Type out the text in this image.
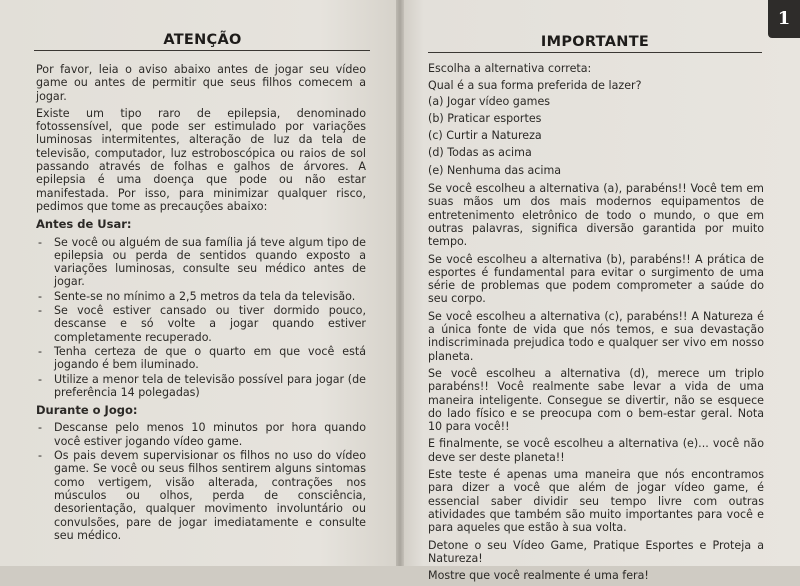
ATENÇÃO

Por favor, leia o aviso abaixo antes de jogar seu vídeo game ou antes de permitir que seus filhos comecem a jogar.

Existe um tipo raro de epilepsia, denominado fotossensível, que pode ser estimulado por variações luminosas intermitentes, alteração de luz da tela de televisão, computador, luz estroboscópica ou raios de sol passando através de folhas e galhos de árvores. A epilepsia é uma doença que pode ou não estar manifestada. Por isso, para minimizar qualquer risco, pedimos que tome as precauções abaixo:

Antes de Usar:
-	Se você ou alguém de sua família já teve algum tipo de epilepsia ou perda de sentidos quando exposto a variações luminosas, consulte seu médico antes de jogar.
-	Sente-se no mínimo a 2,5 metros da tela da televisão.
-	Se você estiver cansado ou tiver dormido pouco, descanse e só volte a jogar quando estiver completamente recuperado.
-	Tenha certeza de que o quarto em que você está jogando é bem iluminado.
-	Utilize a menor tela de televisão possível para jogar (de preferência 14 polegadas)
Durante o Jogo:
-	Descanse pelo menos 10 minutos por hora quando você estiver jogando vídeo game.
-	Os pais devem supervisionar os filhos no uso do vídeo game. Se você ou seus filhos sentirem alguns sintomas como vertigem, visão alterada, contrações nos músculos ou olhos, perda de consciência, desorientação, qualquer movimento involuntário ou convulsões, pare de jogar imediatamente e consulte seu médico.
1
IMPORTANTE

Escolha a alternativa correta:

Qual é a sua forma preferida de lazer?

(a) Jogar vídeo games

(b) Praticar esportes

(c) Curtir a Natureza

(d) Todas as acima

(e) Nenhuma das acima

Se você escolheu a alternativa (a), parabéns!! Você tem em suas mãos um dos mais modernos equipamentos de entretenimento eletrônico de todo o mundo, o que em outras palavras, significa diversão garantida por muito tempo.

Se você escolheu a alternativa (b), parabéns!! A prática de esportes é fundamental para evitar o surgimento de uma série de problemas que podem comprometer a saúde do seu corpo.

Se você escolheu a alternativa (c), parabéns!! A Natureza é a única fonte de vida que nós temos, e sua devastação indiscriminada prejudica todo e qualquer ser vivo em nosso planeta.

Se você escolheu a alternativa (d), merece um triplo parabéns!! Você realmente sabe levar a vida de uma maneira inteligente. Consegue se divertir, não se esquece do lado físico e se preocupa com o bem-estar geral. Nota 10 para você!!

E finalmente, se você escolheu a alternativa (e)... você não deve ser deste planeta!!

Este teste é apenas uma maneira que nós encontramos para dizer a você que além de jogar vídeo game, é essencial saber dividir seu tempo livre com outras atividades que também são muito importantes para você e para aqueles que estão à sua volta.

Detone o seu Vídeo Game, Pratique Esportes e Proteja a Natureza!

Mostre que você realmente é uma fera!
